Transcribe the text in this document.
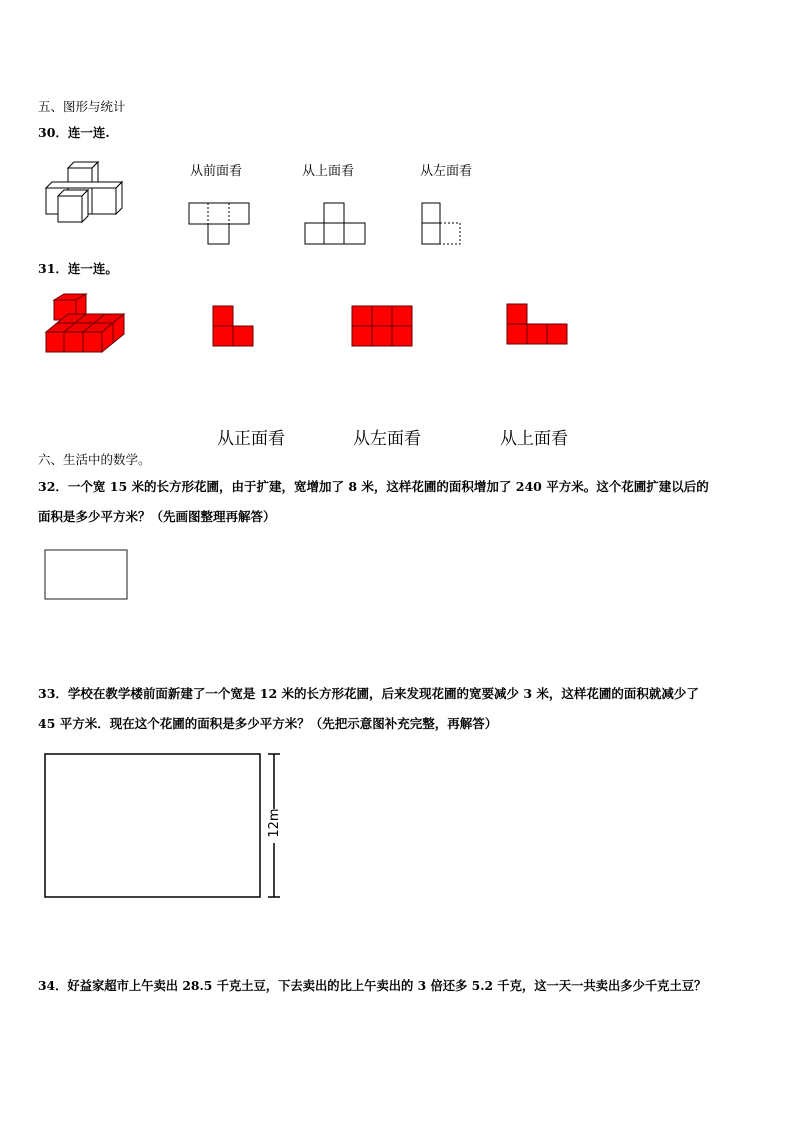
五、图形与统计
30．连一连.
从前面看	从上面看	从左面看
31．连一连。
从正面看	从左面看	从上面看
六、生活中的数学。
32．一个宽 15 米的长方形花圃，由于扩建，宽增加了 8 米，这样花圃的面积增加了 240 平方米。这个花圃扩建以后的
面积是多少平方米？（先画图整理再解答）
33．学校在教学楼前面新建了一个宽是 12 米的长方形花圃，后来发现花圃的宽要减少 3 米，这样花圃的面积就减少了
45 平方米．现在这个花圃的面积是多少平方米？（先把示意图补充完整，再解答）
12m
34．好益家超市上午卖出 28.5 千克土豆，下去卖出的比上午卖出的 3 倍还多 5.2 千克，这一天一共卖出多少千克土豆？
